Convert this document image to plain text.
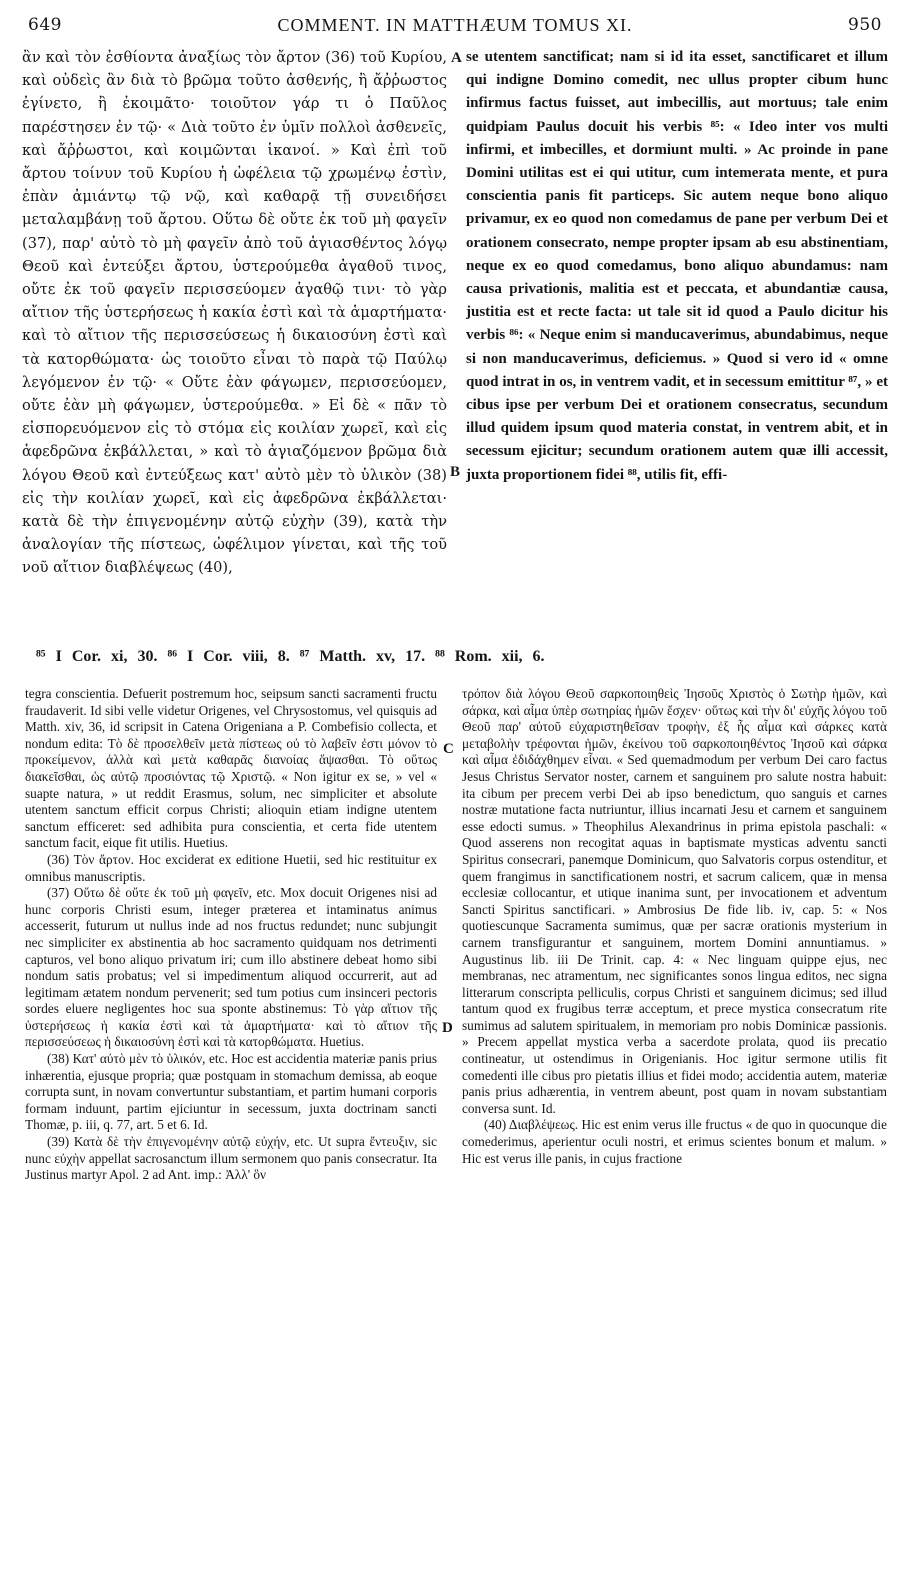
649	COMMENT. IN MATTHÆUM TOMUS XI.	950

ἂν καὶ τὸν ἐσθίοντα ἀναξίως τὸν ἄρτον (36) τοῦ Κυρίου, καὶ οὐδεὶς ἂν διὰ τὸ βρῶμα τοῦτο ἀσθενής, ἢ ἄῤῥωστος ἐγίνετο, ἢ ἐκοιμᾶτο· τοιοῦτον γάρ τι ὁ Παῦλος παρέστησεν ἐν τῷ· « Διὰ τοῦτο ἐν ὑμῖν πολλοὶ ἀσθενεῖς, καὶ ἄῤῥωστοι, καὶ κοιμῶνται ἱκανοί. » Καὶ ἐπὶ τοῦ ἄρτου τοίνυν τοῦ Κυρίου ἡ ὠφέλεια τῷ χρωμένῳ ἐστὶν, ἐπὰν ἀμιάντῳ τῷ νῷ, καὶ καθαρᾷ τῇ συνειδήσει μεταλαμβάνῃ τοῦ ἄρτου. Οὕτω δὲ οὔτε ἐκ τοῦ μὴ φαγεῖν (37), παρ' αὐτὸ τὸ μὴ φαγεῖν ἀπὸ τοῦ ἁγιασθέντος λόγῳ Θεοῦ καὶ ἐντεύξει ἄρτου, ὑστερούμεθα ἀγαθοῦ τινος, οὔτε ἐκ τοῦ φαγεῖν περισσεύομεν ἀγαθῷ τινι· τὸ γὰρ αἴτιον τῆς ὑστερήσεως ἡ κακία ἐστὶ καὶ τὰ ἁμαρτήματα· καὶ τὸ αἴτιον τῆς περισσεύσεως ἡ δικαιοσύνη ἐστὶ καὶ τὰ κατορθώματα· ὡς τοιοῦτο εἶναι τὸ παρὰ τῷ Παύλῳ λεγόμενον ἐν τῷ· « Οὔτε ἐὰν φάγωμεν, περισσεύομεν, οὔτε ἐὰν μὴ φάγωμεν, ὑστερούμεθα. » Εἰ δὲ « πᾶν τὸ εἰσπορευόμενον εἰς τὸ στόμα εἰς κοιλίαν χωρεῖ, καὶ εἰς ἀφεδρῶνα ἐκβάλλεται, » καὶ τὸ ἁγιαζόμενον βρῶμα διὰ λόγου Θεοῦ καὶ ἐντεύξεως κατ' αὐτὸ μὲν τὸ ὑλικὸν (38) εἰς τὴν κοιλίαν χωρεῖ, καὶ εἰς ἀφεδρῶνα ἐκβάλλεται· κατὰ δὲ τὴν ἐπιγενομένην αὐτῷ εὐχὴν (39), κατὰ τὴν ἀναλογίαν τῆς πίστεως, ὠφέλιμον γίνεται, καὶ τῆς τοῦ νοῦ αἴτιον διαβλέψεως (40),

A
B

se utentem sanctificat; nam si id ita esset, sanctificaret et illum qui indigne Domino comedit, nec ullus propter cibum hunc infirmus factus fuisset, aut imbecillis, aut mortuus; tale enim quidpiam Paulus docuit his verbis ⁸⁵: « Ideo inter vos multi infirmi, et imbecilles, et dormiunt multi. » Ac proinde in pane Domini utilitas est ei qui utitur, cum intemerata mente, et pura conscientia panis fit particeps. Sic autem neque bono aliquo privamur, ex eo quod non comedamus de pane per verbum Dei et orationem consecrato, nempe propter ipsam ab esu abstinentiam, neque ex eo quod comedamus, bono aliquo abundamus: nam causa privationis, malitia est et peccata, et abundantiæ causa, justitia est et recte facta: ut tale sit id quod a Paulo dicitur his verbis ⁸⁶: « Neque enim si manducaverimus, abundabimus, neque si non manducaverimus, deficiemus. » Quod si vero id « omne quod intrat in os, in ventrem vadit, et in secessum emittitur ⁸⁷, » et cibus ipse per verbum Dei et orationem consecratus, secundum illud quidem ipsum quod materia constat, in ventrem abit, et in secessum ejicitur; secundum orationem autem quæ illi accessit, juxta proportionem fidei ⁸⁸, utilis fit, effi-

⁸⁵ I Cor. xi, 30. ⁸⁶ I Cor. viii, 8. ⁸⁷ Matth. xv, 17. ⁸⁸ Rom. xii, 6.

tegra conscientia. Defuerit postremum hoc, seipsum sancti sacramenti fructu fraudaverit. Id sibi velle videtur Origenes, vel Chrysostomus, vel quisquis ad Matth. xiv, 36, id scripsit in Catena Origeniana a P. Combefisio collecta, et nondum edita: Τὸ δὲ προσελθεῖν μετὰ πίστεως οὐ τὸ λαβεῖν ἐστι μόνον τὸ προκείμενον, ἀλλὰ καὶ μετὰ καθαρᾶς διανοίας ἅψασθαι. Τὸ οὕτως διακεῖσθαι, ὡς αὐτῷ προσιόντας τῷ Χριστῷ. « Non igitur ex se, » vel « suapte natura, » ut reddit Erasmus, solum, nec simpliciter et absolute utentem sanctum efficit corpus Christi; alioquin etiam indigne utentem sanctum efficeret: sed adhibita pura conscientia, et certa fide utentem sanctum facit, eique fit utilis. Huetius.

(36) Τὸν ἄρτον. Hoc exciderat ex editione Huetii, sed hic restituitur ex omnibus manuscriptis.

(37) Οὕτω δὲ οὔτε ἐκ τοῦ μὴ φαγεῖν, etc. Mox docuit Origenes nisi ad hunc corporis Christi esum, integer præterea et intaminatus animus accesserit, futurum ut nullus inde ad nos fructus redundet; nunc subjungit nec simpliciter ex abstinentia ab hoc sacramento quidquam nos detrimenti capturos, vel bono aliquo privatum iri; cum illo abstinere debeat homo sibi nondum satis probatus; vel si impedimentum aliquod occurrerit, aut ad legitimam ætatem nondum pervenerit; sed tum potius cum insinceri pectoris sordes eluere negligentes hoc sua sponte abstinemus: Τὸ γὰρ αἴτιον τῆς ὑστερήσεως ἡ κακία ἐστὶ καὶ τὰ ἁμαρτήματα· καὶ τὸ αἴτιον τῆς περισσεύσεως ἡ δικαιοσύνη ἐστὶ καὶ τὰ κατορθώματα. Huetius.

(38) Κατ' αὐτὸ μὲν τὸ ὑλικόν, etc. Hoc est accidentia materiæ panis prius inhærentia, ejusque propria; quæ postquam in stomachum demissa, ab eoque corrupta sunt, in novam convertuntur substantiam, et partim humani corporis formam induunt, partim ejiciuntur in secessum, juxta doctrinam sancti Thomæ, p. iii, q. 77, art. 5 et 6. Id.

(39) Κατὰ δὲ τὴν ἐπιγενομένην αὐτῷ εὐχήν, etc. Ut supra ἔντευξιν, sic nunc εὐχὴν appellat sacrosanctum illum sermonem quo panis consecratur. Ita Justinus martyr Apol. 2 ad Ant. imp.: Ἀλλ' ὃν

C
D

τρόπον διὰ λόγου Θεοῦ σαρκοποιηθεὶς Ἰησοῦς Χριστὸς ὁ Σωτὴρ ἡμῶν, καὶ σάρκα, καὶ αἷμα ὑπὲρ σωτηρίας ἡμῶν ἔσχεν· οὕτως καὶ τὴν δι' εὐχῆς λόγου τοῦ Θεοῦ παρ' αὐτοῦ εὐχαριστηθεῖσαν τροφὴν, ἐξ ἧς αἷμα καὶ σάρκες κατὰ μεταβολὴν τρέφονται ἡμῶν, ἐκείνου τοῦ σαρκοποιηθέντος Ἰησοῦ καὶ σάρκα καὶ αἷμα ἐδιδάχθημεν εἶναι. « Sed quemadmodum per verbum Dei caro factus Jesus Christus Servator noster, carnem et sanguinem pro salute nostra habuit: ita cibum per precem verbi Dei ab ipso benedictum, quo sanguis et carnes nostræ mutatione facta nutriuntur, illius incarnati Jesu et carnem et sanguinem esse edocti sumus. » Theophilus Alexandrinus in prima epistola paschali: « Quod asserens non recogitat aquas in baptismate mysticas adventu sancti Spiritus consecrari, panemque Dominicum, quo Salvatoris corpus ostenditur, et quem frangimus in sanctificationem nostri, et sacrum calicem, quæ in mensa ecclesiæ collocantur, et utique inanima sunt, per invocationem et adventum Sancti Spiritus sanctificari. » Ambrosius De fide lib. iv, cap. 5: « Nos quotiescunque Sacramenta sumimus, quæ per sacræ orationis mysterium in carnem transfigurantur et sanguinem, mortem Domini annuntiamus. » Augustinus lib. iii De Trinit. cap. 4: « Nec linguam quippe ejus, nec membranas, nec atramentum, nec significantes sonos lingua editos, nec signa litterarum conscripta pelliculis, corpus Christi et sanguinem dicimus; sed illud tantum quod ex frugibus terræ acceptum, et prece mystica consecratum rite sumimus ad salutem spiritualem, in memoriam pro nobis Dominicæ passionis. » Precem appellat mystica verba a sacerdote prolata, quod iis precatio contineatur, ut ostendimus in Origenianis. Hoc igitur sermone utilis fit comedenti ille cibus pro pietatis illius et fidei modo; accidentia autem, materiæ panis prius adhærentia, in ventrem abeunt, post quam in novam substantiam conversa sunt. Id.

(40) Διαβλέψεως. Hic est enim verus ille fructus « de quo in quocunque die comederimus, aperientur oculi nostri, et erimus scientes bonum et malum. » Hic est verus ille panis, in cujus fractione
